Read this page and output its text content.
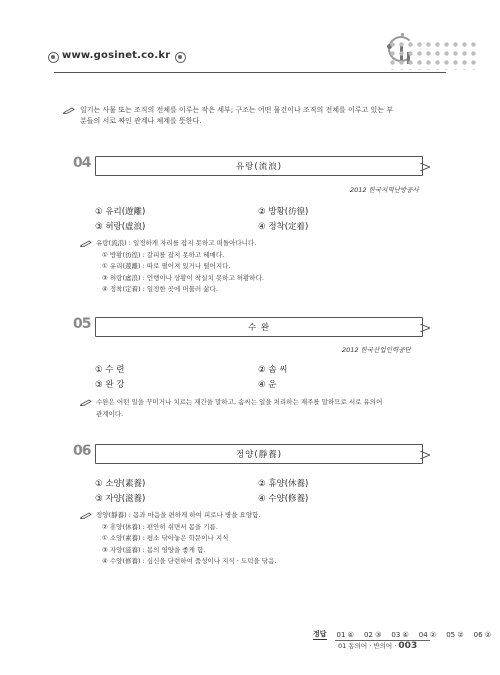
www.gosinet.co.kr
일기는 사물 또는 조직의 전체를 이루는 작은 세부; 구조는 어떤 물건이나 조직의 전체를 이루고 있는 부
분들의 서로 짜인 관계나 체계를 뜻한다.
04	유랑(流浪)
2012 한국지역난방공사
① 유리(遊離)	② 방황(彷徨)
③ 허랑(虛浪)	④ 정착(定着)
유랑(流浪) : 일정하게 자리를 잡지 못하고 떠돌아다니다.
① 방황(彷徨) : 갈피를 잡지 못하고 헤매다.
① 유리(遊離) : 따로 떨어져 있거나 떨어지다.
③ 허랑(虛浪) : 언행이나 상황이 착실치 못하고 허황하다.
④ 정착(定着) : 일정한 곳에 머물러 삶다.
05	수 완
2012 한국산업인력공단
① 수 련	② 솜 씨
③ 완 강	④ 운
수완은 어떤 일을 꾸미거나 치르는 재간을 말하고, 솜씨는 일을 처리하는 재주를 말하므로 서로 유의어
관계이다.
06	정양(靜養)
① 소양(素養)	② 휴양(休養)
③ 자양(滋養)	④ 수양(修養)
정양(靜養) : 몸과 마음을 편하게 하여 피로나 병을 요양함.
② 휴양(休養) : 편안히 쉬면서 몸을 기름.
① 소양(素養) : 평소 닦아놓은 학문이나 지식
③ 자양(滋養) : 몸의 영양을 좋게 함.
④ 수양(修養) : 심신을 단련하여 품성이나 지식 · 도덕을 닦음.
정답 01 ④ 02 ③ 03 ④ 04 ② 05 ② 06 ②
01 동의어 · 반의어 · 003
